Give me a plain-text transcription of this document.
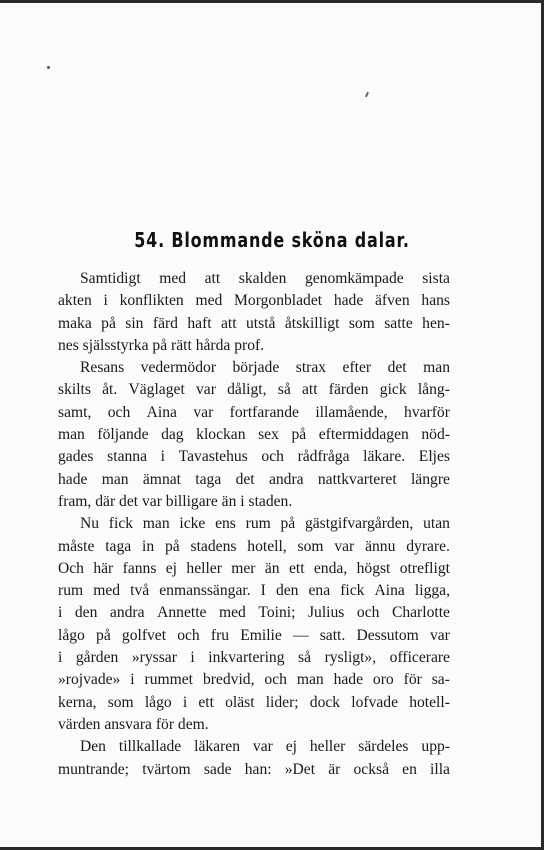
54. Blommande sköna dalar.
Samtidigt med att skalden genomkämpade sista
akten i konflikten med Morgonbladet hade äfven hans
maka på sin färd haft att utstå åtskilligt som satte hen-
nes själsstyrka på rätt hårda prof.
Resans vedermödor började strax efter det man
skilts åt. Väglaget var dåligt, så att färden gick lång-
samt, och Aina var fortfarande illamående, hvarför
man följande dag klockan sex på eftermiddagen nöd-
gades stanna i Tavastehus och rådfråga läkare. Eljes
hade man ämnat taga det andra nattkvarteret längre
fram, där det var billigare än i staden.
Nu fick man icke ens rum på gästgifvargården, utan
måste taga in på stadens hotell, som var ännu dyrare.
Och här fanns ej heller mer än ett enda, högst otrefligt
rum med två enmanssängar. I den ena fick Aina ligga,
i den andra Annette med Toini; Julius och Charlotte
lågo på golfvet och fru Emilie — satt. Dessutom var
i gården »ryssar i inkvartering så rysligt», officerare
»rojvade» i rummet bredvid, och man hade oro för sa-
kerna, som lågo i ett oläst lider; dock lofvade hotell-
värden ansvara för dem.
Den tillkallade läkaren var ej heller särdeles upp-
muntrande; tvärtom sade han: »Det är också en illa
